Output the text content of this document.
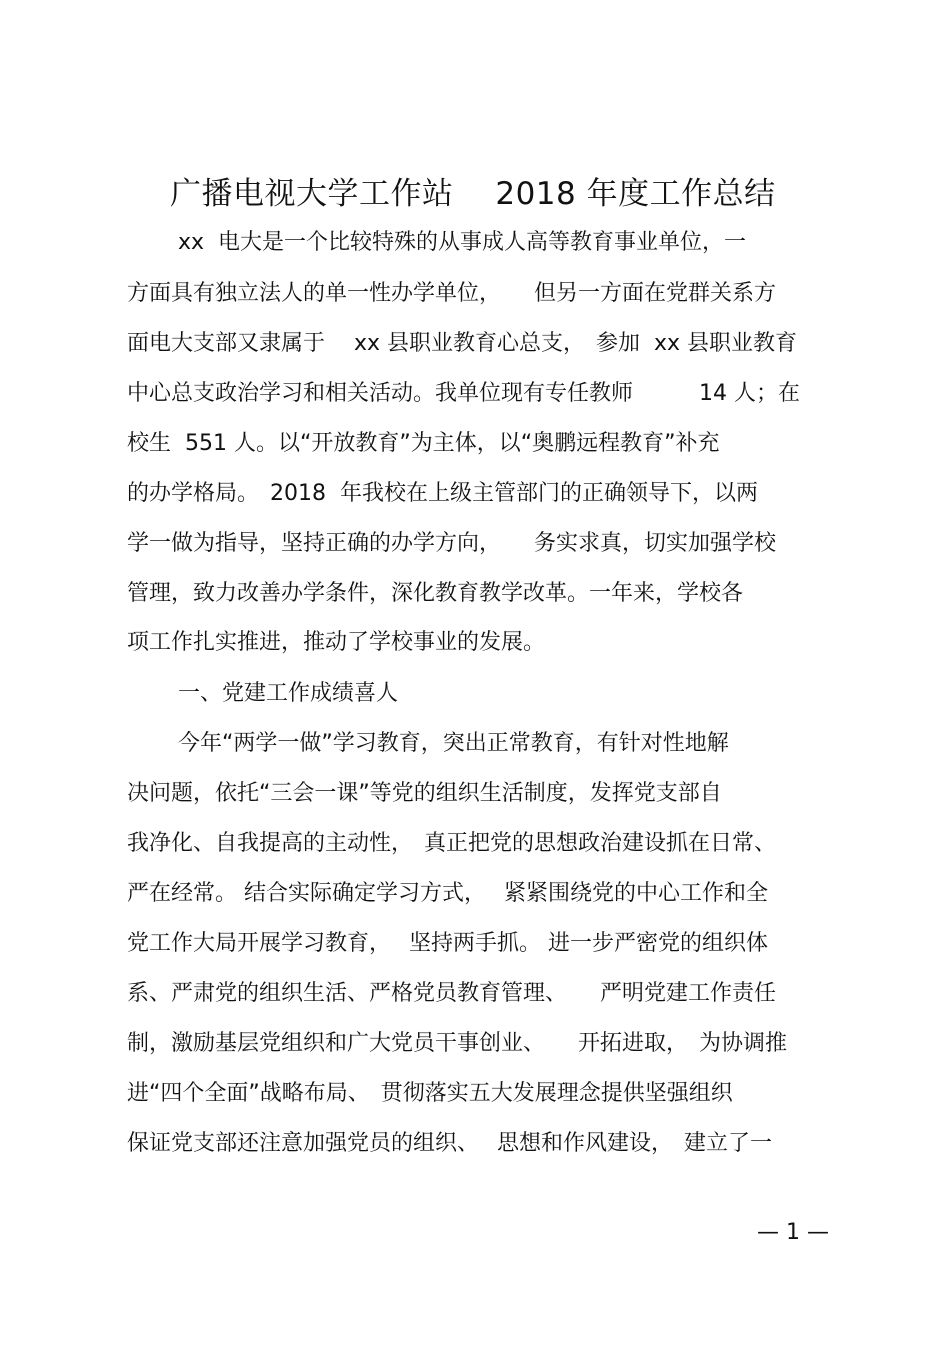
广播电视大学工作站　 2018 年度工作总结
xx  电大是一个比较特殊的从事成人高等教育事业单位，一
方面具有独立法人的单一性办学单位，　　但另一方面在党群关系方
面电大支部又隶属于　 xx 县职业教育心总支，　参加  xx 县职业教育
中心总支政治学习和相关活动。我单位现有专任教师　　　14 人；在
校生  551 人。以“开放教育”为主体，以“奥鹏远程教育”补充
的办学格局。　2018  年我校在上级主管部门的正确领导下，以两
学一做为指导，坚持正确的办学方向，　　务实求真，切实加强学校
管理，致力改善办学条件，深化教育教学改革。一年来，学校各
项工作扎实推进，推动了学校事业的发展。
一、党建工作成绩喜人
今年“两学一做”学习教育，突出正常教育，有针对性地解
决问题，依托“三会一课”等党的组织生活制度，发挥党支部自
我净化、自我提高的主动性，　真正把党的思想政治建设抓在日常、
严在经常。 结合实际确定学习方式，　 紧紧围绕党的中心工作和全
党工作大局开展学习教育，　 坚持两手抓。 进一步严密党的组织体
系、严肃党的组织生活、严格党员教育管理、　　严明党建工作责任
制，激励基层党组织和广大党员干事创业、　　开拓进取，　为协调推
进“四个全面”战略布局、　贯彻落实五大发展理念提供坚强组织
保证党支部还注意加强党员的组织、　 思想和作风建设，　建立了一
— 1 —
